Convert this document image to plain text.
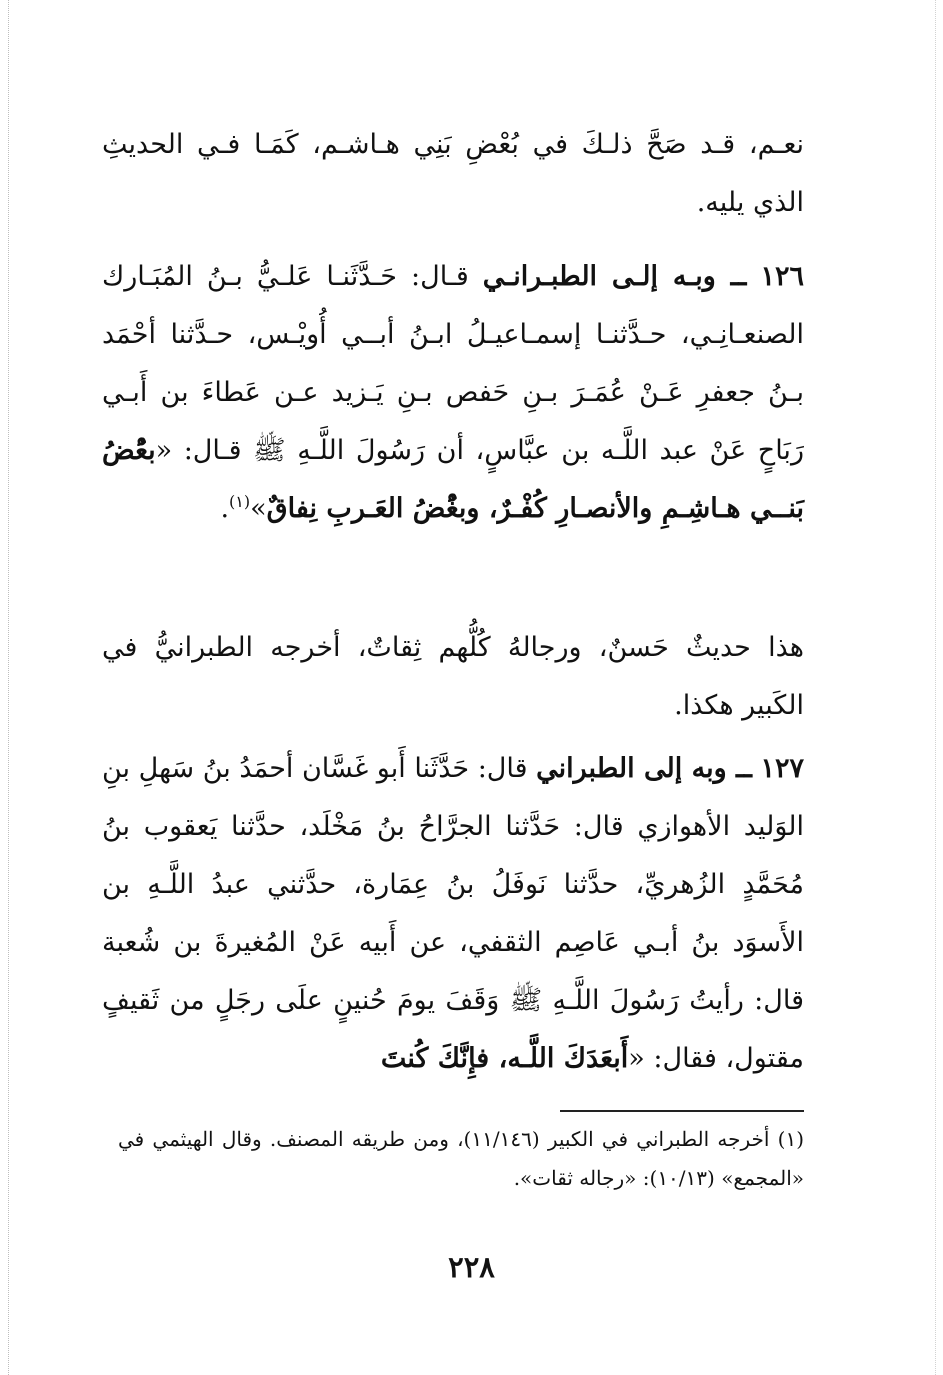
نعـم، قـد صَحَّ ذلـكَ في بُعْضِ بَنِي هـاشـم، كَمَـا فـي الحديثِ الذي يليه.

١٢٦ ــ وبـه إلـى الطبـرانـي قـال: حَـدَّثَنـا عَلـيُّ بـنُ المُبَـارك الصنعـانِـي، حـدَّثنـا إسمـاعيـلُ ابـنُ أبــي أُويْـس، حـدَّثنا أحْمَد بـنُ جعفرِ عَـنْ عُمَـرَ بـنِ حَفص بـنِ يَـزيد عـن عَطاءَ بن أَبـي رَبَاحٍ عَنْ عبد اللَّـه بن عبَّاسٍ، أن رَسُولَ اللَّـهِ ﷺ قـال: «بعُْضُ بَنــي هـاشِـمِ والأنصـارِ كُفْـرٌ، وبغُْضُ العَـربِ نِفاقٌ»$^{(١)}$.

هذا حديثٌ حَسنٌ، ورجالهُ كُلُّهم ثِقاتٌ، أخرجه الطبرانيُّ في الكَبير هكذا.

١٢٧ ــ وبه إلى الطبراني قال: حَدَّثَنا أَبو غَسَّان أحمَدُ بنُ سَهلِ بنِ الوَليد الأهوازي قال: حَدَّثنا الجرَّاحُ بنُ مَخْلَد، حدَّثنا يَعقوب بنُ مُحَمَّدٍ الزُهريِّ، حدَّثنا نَوفَلُ بنُ عِمَارة، حدَّثني عبدُ اللَّـهِ بن الأَسوَد بنُ أبـي عَاصِم الثقفي، عن أَبيه عَنْ المُغيرةَ بن شُعبة قال: رأيتُ رَسُولَ اللَّـهِ ﷺ وَقَفَ يومَ حُنينٍ علَى رجَلٍ من ثَقيفٍ مقتول، فقال: «أَبعَدَكَ اللَّـه، فإِنَّكَ كُنتَ

(١) أخرجه الطبراني في الكبير (١١/١٤٦)، ومن طريقه المصنف. وقال الهيثمي في «المجمع» (١٠/١٣): «رجاله ثقات».

٢٢٨
